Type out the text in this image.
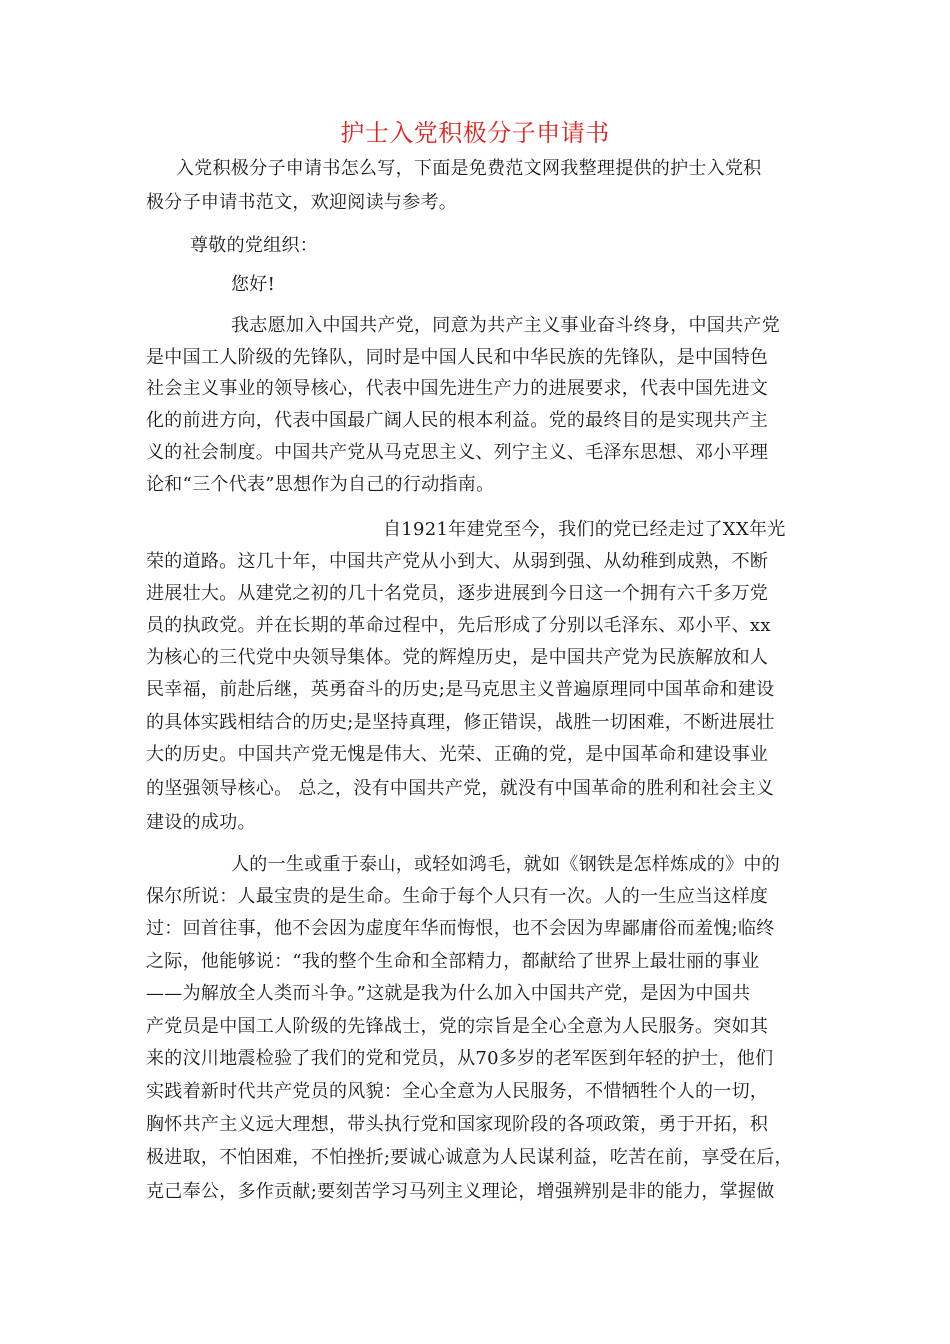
护士入党积极分子申请书
入党积极分子申请书怎么写，下面是免费范文网我整理提供的护士入党积
极分子申请书范文，欢迎阅读与参考。
尊敬的党组织：
您好!
我志愿加入中国共产党，同意为共产主义事业奋斗终身，中国共产党
是中国工人阶级的先锋队，同时是中国人民和中华民族的先锋队，是中国特色
社会主义事业的领导核心，代表中国先进生产力的进展要求，代表中国先进文
化的前进方向，代表中国最广阔人民的根本利益。党的最终目的是实现共产主
义的社会制度。中国共产党从马克思主义、列宁主义、毛泽东思想、邓小平理
论和“三个代表”思想作为自己的行动指南。
自1921年建党至今，我们的党已经走过了XX年光
荣的道路。这几十年，中国共产党从小到大、从弱到强、从幼稚到成熟，不断
进展壮大。从建党之初的几十名党员，逐步进展到今日这一个拥有六千多万党
员的执政党。并在长期的革命过程中，先后形成了分别以毛泽东、邓小平、xx
为核心的三代党中央领导集体。党的辉煌历史，是中国共产党为民族解放和人
民幸福，前赴后继，英勇奋斗的历史;是马克思主义普遍原理同中国革命和建设
的具体实践相结合的历史;是坚持真理，修正错误，战胜一切困难，不断进展壮
大的历史。中国共产党无愧是伟大、光荣、正确的党，是中国革命和建设事业
的坚强领导核心。 总之，没有中国共产党，就没有中国革命的胜利和社会主义
建设的成功。
人的一生或重于泰山，或轻如鸿毛，就如《钢铁是怎样炼成的》中的
保尔所说：人最宝贵的是生命。生命于每个人只有一次。人的一生应当这样度
过：回首往事，他不会因为虚度年华而悔恨，也不会因为卑鄙庸俗而羞愧;临终
之际，他能够说：“我的整个生命和全部精力，都献给了世界上最壮丽的事业
——为解放全人类而斗争。”这就是我为什么加入中国共产党，是因为中国共
产党员是中国工人阶级的先锋战士，党的宗旨是全心全意为人民服务。突如其
来的汶川地震检验了我们的党和党员，从70多岁的老军医到年轻的护士，他们
实践着新时代共产党员的风貌：全心全意为人民服务，不惜牺牲个人的一切，
胸怀共产主义远大理想，带头执行党和国家现阶段的各项政策，勇于开拓，积
极进取，不怕困难，不怕挫折;要诚心诚意为人民谋利益，吃苦在前，享受在后，
克己奉公，多作贡献;要刻苦学习马列主义理论，增强辨别是非的能力，掌握做
